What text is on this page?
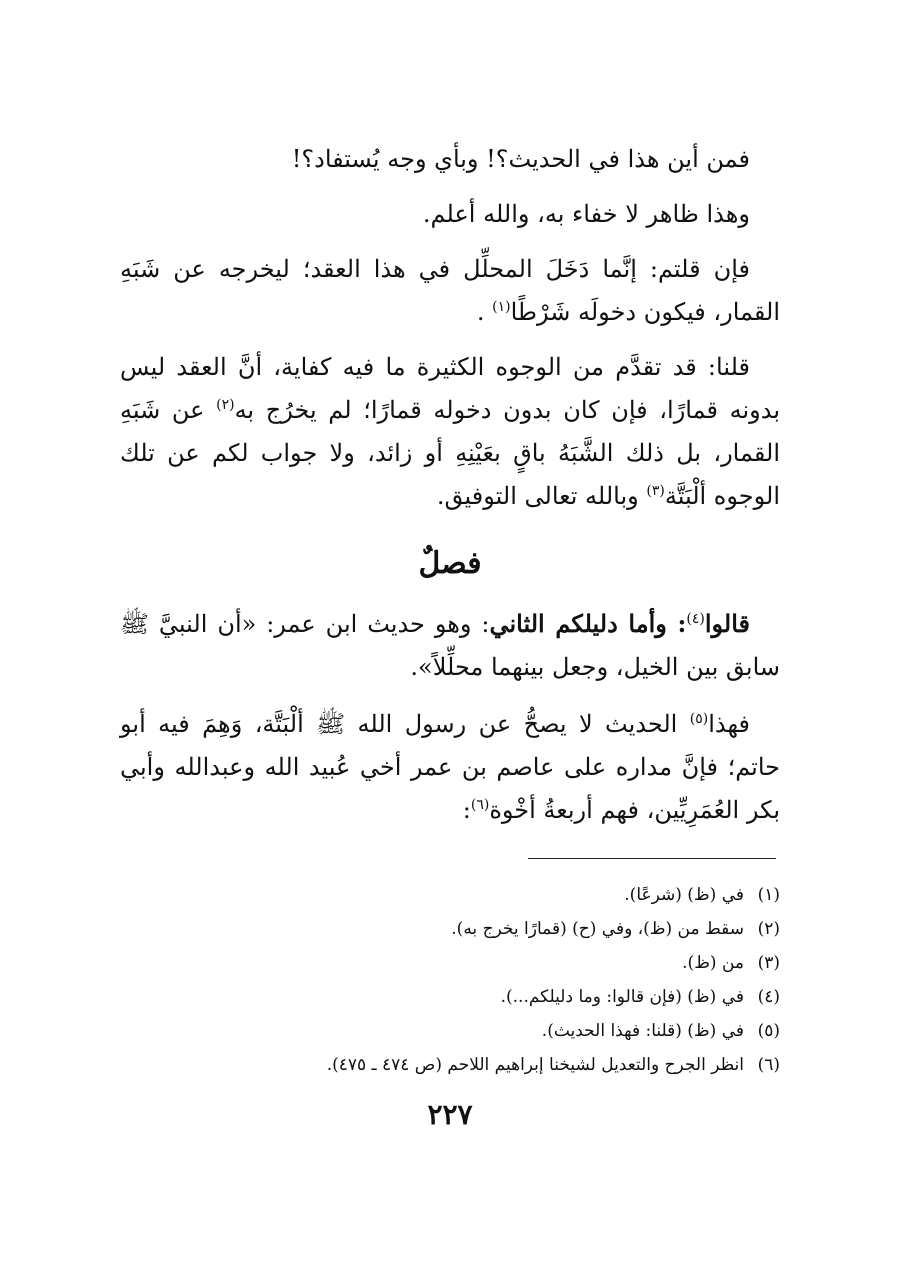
فمن أين هذا في الحديث؟! وبأي وجه يُستفاد؟!

وهذا ظاهر لا خفاء به، والله أعلم.

فإن قلتم: إنَّما دَخَلَ المحلِّل في هذا العقد؛ ليخرجه عن شَبَهِ القمار، فيكون دخولَه شَرْطًا$^{(١)}$ .

قلنا: قد تقدَّم من الوجوه الكثيرة ما فيه كفاية، أنَّ العقد ليس بدونه قمارًا، فإن كان بدون دخوله قمارًا؛ لم يخرُج به$^{(٢)}$ عن شَبَهِ القمار، بل ذلك الشَّبَهُ باقٍ بعَيْنِهِ أو زائد، ولا جواب لكم عن تلك الوجوه ألْبَتَّة$^{(٣)}$ وبالله تعالى التوفيق.

فصلٌ

قالوا$^{(٤)}$: وأما دليلكم الثاني: وهو حديث ابن عمر: «أن النبيَّ ﷺ سابق بين الخيل، وجعل بينهما محلِّلاً».

فهذا$^{(٥)}$ الحديث لا يصحُّ عن رسول الله ﷺ ألْبَتَّة، وَهِمَ فيه أبو حاتم؛ فإنَّ مداره على عاصم بن عمر أخي عُبيد الله وعبدالله وأبي بكر العُمَرِيِّين، فهم أربعةُ أخْوة$^{(٦)}$:

(١)في (ظ) (شرعًا).

(٢)سقط من (ظ)، وفي (ح) (قمارًا يخرج به).

(٣)من (ظ).

(٤)في (ظ) (فإن قالوا: وما دليلكم...).

(٥)في (ظ) (قلنا: فهذا الحديث).

(٦)انظر الجرح والتعديل لشيخنا إبراهيم اللاحم (ص ٤٧٤ ـ ٤٧٥).

٢٢٧
